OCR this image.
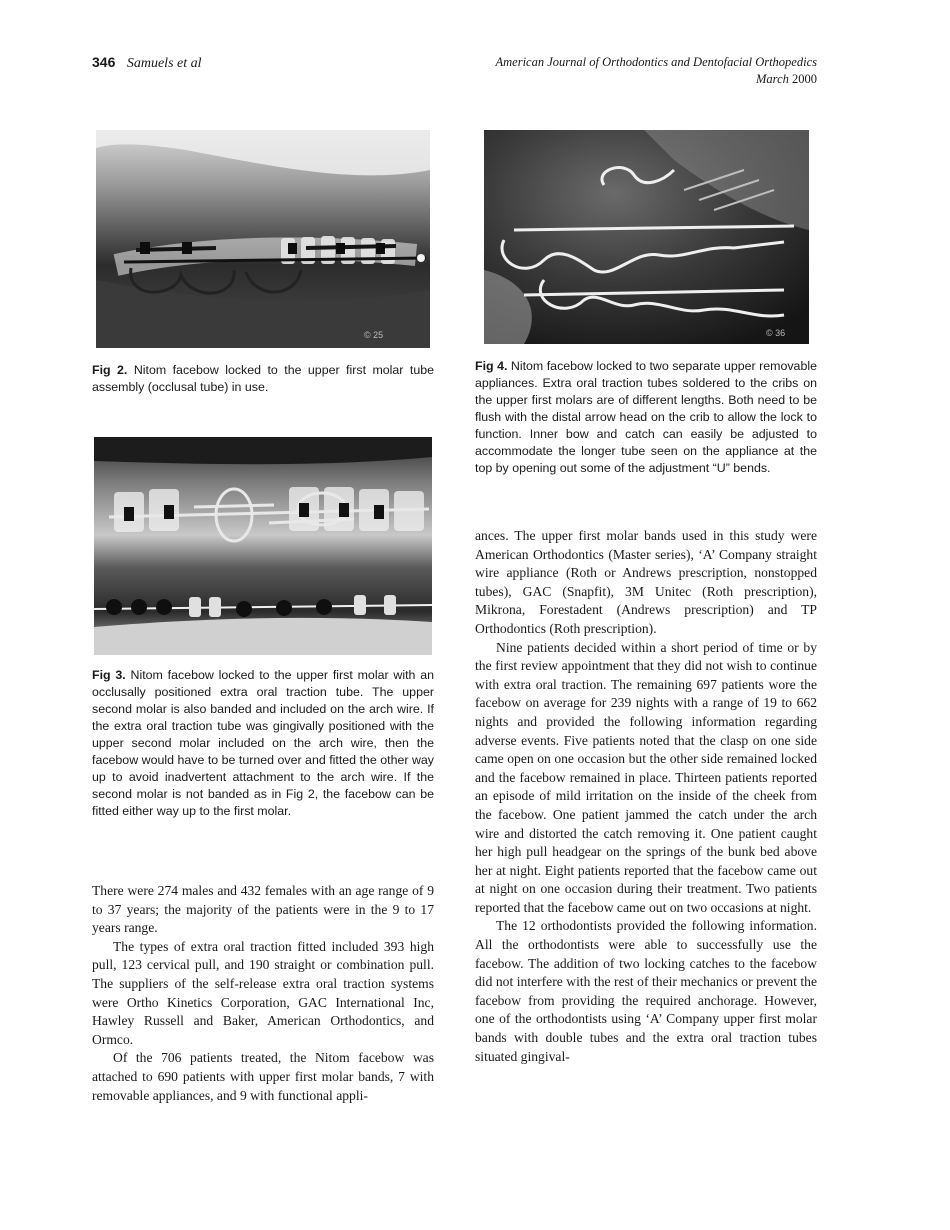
346 Samuels et al	American Journal of Orthodontics and Dentofacial Orthopedics
March 2000
© 25	© 36
Fig 2. Nitom facebow locked to the upper first molar tube assembly (occlusal tube) in use.
Fig 4. Nitom facebow locked to two separate upper removable appliances. Extra oral traction tubes soldered to the cribs on the upper first molars are of different lengths. Both need to be flush with the distal arrow head on the crib to allow the lock to function. Inner bow and catch can easily be adjusted to accommodate the longer tube seen on the appliance at the top by opening out some of the adjustment “U” bends.
Fig 3. Nitom facebow locked to the upper first molar with an occlusally positioned extra oral traction tube. The upper second molar is also banded and included on the arch wire. If the extra oral traction tube was gingivally positioned with the upper second molar included on the arch wire, then the facebow would have to be turned over and fitted the other way up to avoid inadvertent attachment to the arch wire. If the second molar is not banded as in Fig 2, the facebow can be fitted either way up to the first molar.

There were 274 males and 432 females with an age range of 9 to 37 years; the majority of the patients were in the 9 to 17 years range.

The types of extra oral traction fitted included 393 high pull, 123 cervical pull, and 190 straight or combination pull. The suppliers of the self-release extra oral traction systems were Ortho Kinetics Corporation, GAC International Inc, Hawley Russell and Baker, American Orthodontics, and Ormco.

Of the 706 patients treated, the Nitom facebow was attached to 690 patients with upper first molar bands, 7 with removable appliances, and 9 with functional appli-

ances. The upper first molar bands used in this study were American Orthodontics (Master series), ‘A’ Company straight wire appliance (Roth or Andrews prescription, nonstopped tubes), GAC (Snapfit), 3M Unitec (Roth prescription), Mikrona, Forestadent (Andrews prescription) and TP Orthodontics (Roth prescription).

Nine patients decided within a short period of time or by the first review appointment that they did not wish to continue with extra oral traction. The remaining 697 patients wore the facebow on average for 239 nights with a range of 19 to 662 nights and provided the following information regarding adverse events. Five patients noted that the clasp on one side came open on one occasion but the other side remained locked and the facebow remained in place. Thirteen patients reported an episode of mild irritation on the inside of the cheek from the facebow. One patient jammed the catch under the arch wire and distorted the catch removing it. One patient caught her high pull headgear on the springs of the bunk bed above her at night. Eight patients reported that the facebow came out at night on one occasion during their treatment. Two patients reported that the facebow came out on two occasions at night.

The 12 orthodontists provided the following information. All the orthodontists were able to successfully use the facebow. The addition of two locking catches to the facebow did not interfere with the rest of their mechanics or prevent the facebow from providing the required anchorage. However, one of the orthodontists using ‘A’ Company upper first molar bands with double tubes and the extra oral traction tubes situated gingival-
